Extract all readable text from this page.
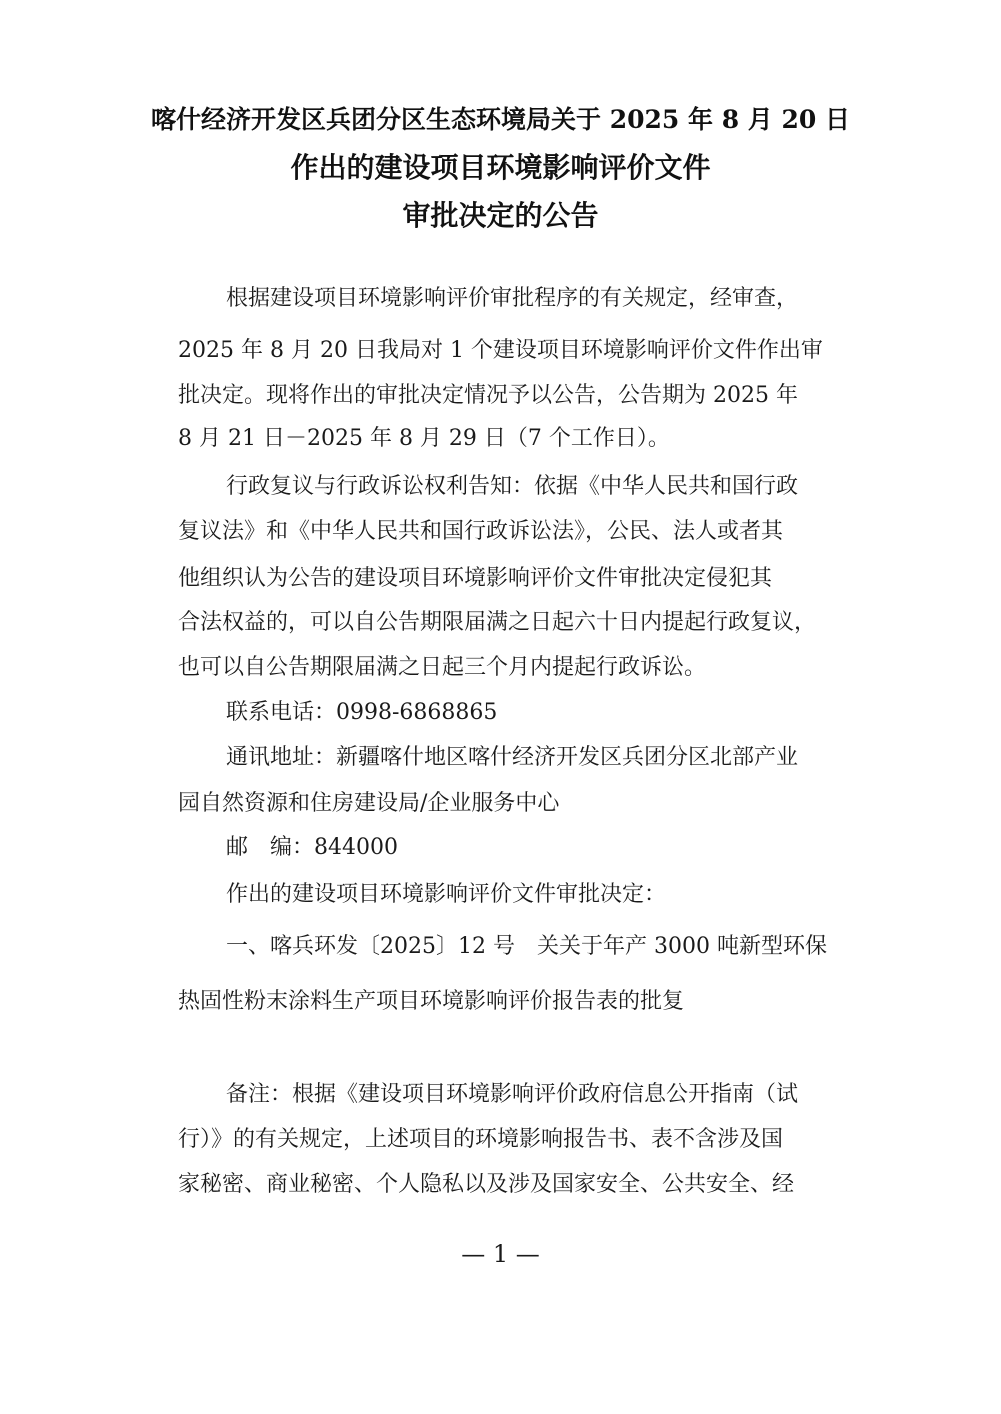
喀什经济开发区兵团分区生态环境局关于 2025 年 8 月 20 日
作出的建设项目环境影响评价文件
审批决定的公告
根据建设项目环境影响评价审批程序的有关规定，经审查，
2025 年 8 月 20 日我局对 1 个建设项目环境影响评价文件作出审
批决定。现将作出的审批决定情况予以公告，公告期为 2025 年
8 月 21 日－2025 年 8 月 29 日（7 个工作日）。
行政复议与行政诉讼权利告知：依据《中华人民共和国行政
复议法》和《中华人民共和国行政诉讼法》，公民、法人或者其
他组织认为公告的建设项目环境影响评价文件审批决定侵犯其
合法权益的，可以自公告期限届满之日起六十日内提起行政复议，
也可以自公告期限届满之日起三个月内提起行政诉讼。
联系电话：0998-6868865
通讯地址：新疆喀什地区喀什经济开发区兵团分区北部产业
园自然资源和住房建设局/企业服务中心
邮　编：844000
作出的建设项目环境影响评价文件审批决定：
一、喀兵环发〔2025〕12 号　关关于年产 3000 吨新型环保
热固性粉末涂料生产项目环境影响评价报告表的批复
备注：根据《建设项目环境影响评价政府信息公开指南（试
行）》的有关规定，上述项目的环境影响报告书、表不含涉及国
家秘密、商业秘密、个人隐私以及涉及国家安全、公共安全、经
— 1 —
